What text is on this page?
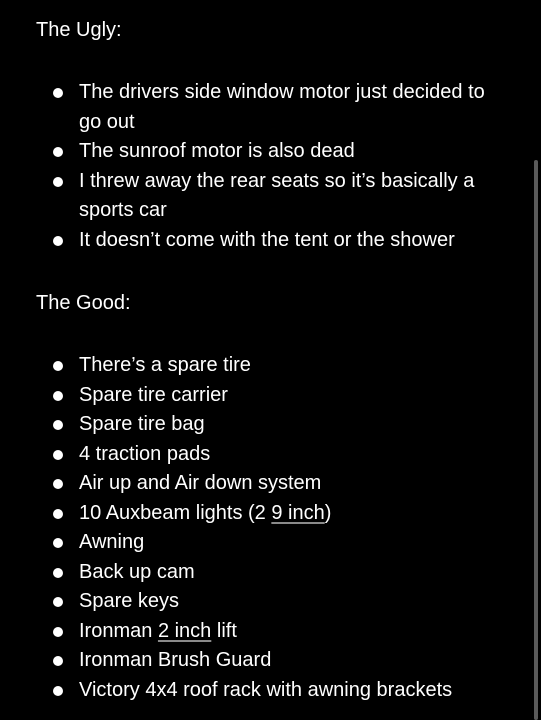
The Ugly:
The drivers side window motor just decided to go out
The sunroof motor is also dead
I threw away the rear seats so it’s basically a sports car
It doesn’t come with the tent or the shower
The Good:
There’s a spare tire
Spare tire carrier
Spare tire bag
4 traction pads
Air up and Air down system
10 Auxbeam lights (2 9 inch)
Awning
Back up cam
Spare keys
Ironman 2 inch lift
Ironman Brush Guard
Victory 4x4 roof rack with awning brackets
